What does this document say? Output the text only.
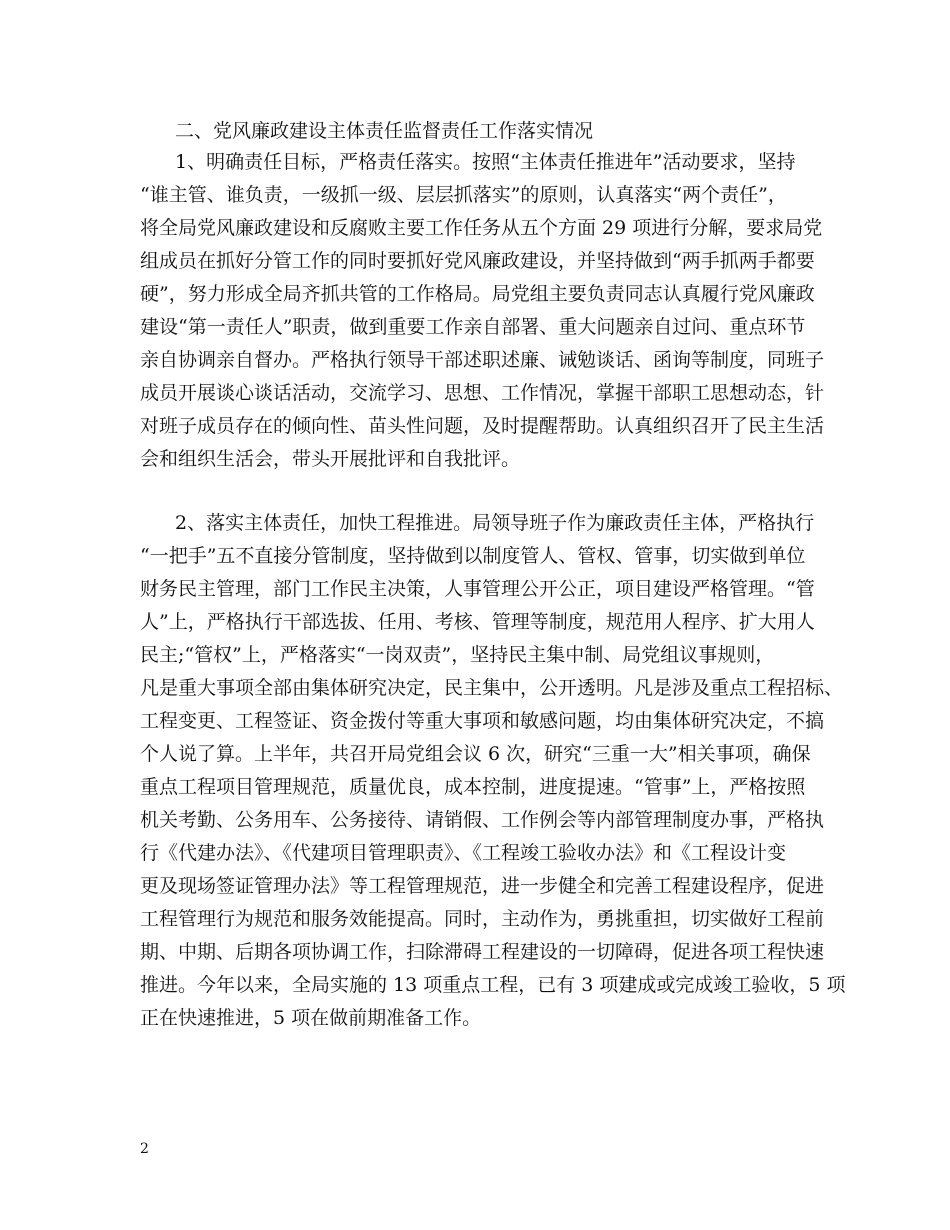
二、党风廉政建设主体责任监督责任工作落实情况
1、明确责任目标，严格责任落实。按照“主体责任推进年”活动要求，坚持
“谁主管、谁负责，一级抓一级、层层抓落实”的原则，认真落实“两个责任”，
将全局党风廉政建设和反腐败主要工作任务从五个方面 29 项进行分解，要求局党
组成员在抓好分管工作的同时要抓好党风廉政建设，并坚持做到“两手抓两手都要
硬”，努力形成全局齐抓共管的工作格局。局党组主要负责同志认真履行党风廉政
建设“第一责任人”职责，做到重要工作亲自部署、重大问题亲自过问、重点环节
亲自协调亲自督办。严格执行领导干部述职述廉、诫勉谈话、函询等制度，同班子
成员开展谈心谈话活动，交流学习、思想、工作情况，掌握干部职工思想动态，针
对班子成员存在的倾向性、苗头性问题，及时提醒帮助。认真组织召开了民主生活
会和组织生活会，带头开展批评和自我批评。
2、落实主体责任，加快工程推进。局领导班子作为廉政责任主体，严格执行
“一把手”五不直接分管制度，坚持做到以制度管人、管权、管事，切实做到单位
财务民主管理，部门工作民主决策，人事管理公开公正，项目建设严格管理。“管
人”上，严格执行干部选拔、任用、考核、管理等制度，规范用人程序、扩大用人
民主;“管权”上，严格落实“一岗双责”，坚持民主集中制、局党组议事规则，
凡是重大事项全部由集体研究决定，民主集中，公开透明。凡是涉及重点工程招标、
工程变更、工程签证、资金拨付等重大事项和敏感问题，均由集体研究决定，不搞
个人说了算。上半年，共召开局党组会议 6 次，研究“三重一大”相关事项，确保
重点工程项目管理规范，质量优良，成本控制，进度提速。“管事”上，严格按照
机关考勤、公务用车、公务接待、请销假、工作例会等内部管理制度办事，严格执
行《代建办法》、《代建项目管理职责》、《工程竣工验收办法》和《工程设计变
更及现场签证管理办法》等工程管理规范，进一步健全和完善工程建设程序，促进
工程管理行为规范和服务效能提高。同时，主动作为，勇挑重担，切实做好工程前
期、中期、后期各项协调工作，扫除滞碍工程建设的一切障碍，促进各项工程快速
推进。今年以来，全局实施的 13 项重点工程，已有 3 项建成或完成竣工验收，5 项
正在快速推进，5 项在做前期准备工作。
2
